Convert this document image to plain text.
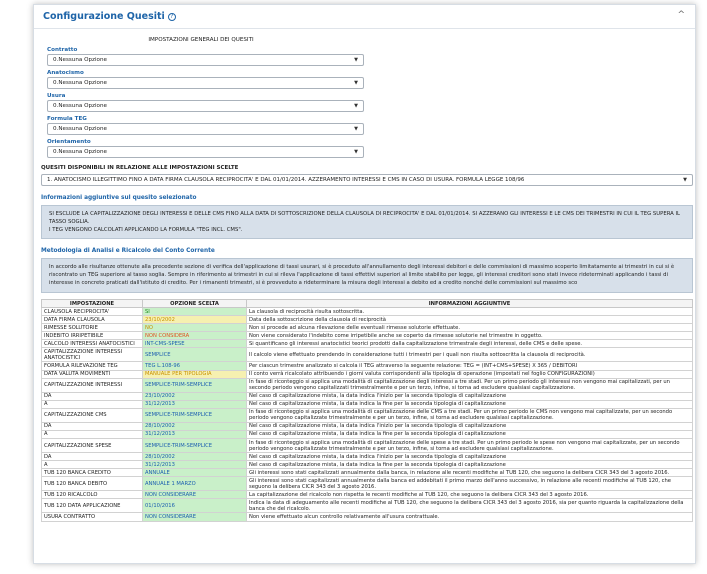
Configurazione Quesiti ?	^
IMPOSTAZIONI GENERALI DEI QUESITI
Contratto
0.Nessuna Opzione	▼
Anatocismo
0.Nessuna Opzione	▼
Usura
0.Nessuna Opzione	▼
Formula TEG
0.Nessuna Opzione	▼
Orientamento
0.Nessuna Opzione	▼
QUESITI DISPONIBILI IN RELAZIONE ALLE IMPOSTAZIONI SCELTE
1. ANATOCISMO ILLEGITTIMO FINO A DATA FIRMA CLAUSOLA RECIPROCITA' E DAL 01/01/2014. AZZERAMENTO INTERESSI E CMS IN CASO DI USURA. FORMULA LEGGE 108/96	▼
Informazioni aggiuntive sul quesito selezionato
SI ESCLUDE LA CAPITALIZZAZIONE DEGLI INTERESSI E DELLE CMS FINO ALLA DATA DI SOTTOSCRIZIONE DELLA CLAUSOLA DI RECIPROCITA' E DAL 01/01/2014. SI AZZERANO GLI INTERESSI E LE CMS DEI TRIMESTRI IN CUI IL TEG SUPERA IL TASSO SOGLIA.
I TEG VENGONO CALCOLATI APPLICANDO LA FORMULA "TEG INCL. CMS".
Metodologia di Analisi e Ricalcolo del Conto Corrente
In accordo alle risultanze ottenute alla precedente sezione di verifica dell'applicazione di tassi usurari, si è proceduto all'annullamento degli interessi debitori e delle commissioni di massimo scoperto limitatamente ai trimestri in cui si è riscontrato un TEG superiore al tasso soglia. Sempre in riferimento ai trimestri in cui si rileva l'applicazione di tassi effettivi superiori al limite stabilito per legge, gli interessi creditori sono stati invece rideterminati applicando i tassi di interesse in concreto praticati dall'istituto di credito. Per i rimanenti trimestri, si è provveduto a rideterminare la misura degli interessi a debito ed a credito nonché delle commissioni sul massimo sco
IMPOSTAZIONE	OPZIONE SCELTA	INFORMAZIONI AGGIUNTIVE
CLAUSOLA RECIPROCITA'	SI	La clausola di reciprocità risulta sottoscritta.
DATA FIRMA CLAUSOLA	23/10/2002	Data della sottoscrizione della clausola di reciprocità
RIMESSE SOLUTORIE	NO	Non si procede ad alcuna rilevazione delle eventuali rimesse solutorie effettuate.
INDEBITO IRRIPETIBILE	NON CONSIDERA	Non viene considerato l'indebito come irripetibile anche se coperto da rimesse solutorie nel trimestre in oggetto.
CALCOLO INTERESSI ANATOCISTICI	INT-CMS-SPESE	Si quantificano gli interessi anatocistici teorici prodotti dalla capitalizzazione trimestrale degli interessi, delle CMS e delle spese.
CAPITALIZZAZIONE INTERESSI ANATOCISTICI	SEMPLICE	Il calcolo viene effettuato prendendo in considerazione tutti i trimestri per i quali non risulta sottoscritta la clausola di reciprocità.
FORMULA RILEVAZIONE TEG	TEG L.108-96	Per ciascun trimestre analizzato si calcola il TEG attraverso la seguente relazione: TEG = (INT+CMS+SPESE) X 365 / DEBITORI
DATA VALUTA MOVIMENTI	MANUALE PER TIPOLOGIA	Il conto verrà ricalcolato attribuendo i giorni valuta corrispondenti alla tipologia di operazione (impostati nel foglio CONFIGURAZIONI)
CAPITALIZZAZIONE INTERESSI	SEMPLICE-TRIM-SEMPLICE	In fase di riconteggio si applica una modalità di capitalizzazione degli interessi a tre stadi. Per un primo periodo gli interessi non vengono mai capitalizzati, per un secondo periodo vengono capitalizzati trimestralmente e per un terzo, infine, si torna ad escludere qualsiasi capitalizzazione.
DA	23/10/2002	Nel caso di capitalizzazione mista, la data indica l'inizio per la seconda tipologia di capitalizzazione
A	31/12/2013	Nel caso di capitalizzazione mista, la data indica la fine per la seconda tipologia di capitalizzazione
CAPITALIZZAZIONE CMS	SEMPLICE-TRIM-SEMPLICE	In fase di riconteggio si applica una modalità di capitalizzazione delle CMS a tre stadi. Per un primo periodo le CMS non vengono mai capitalizzate, per un secondo periodo vengono capitalizzate trimestralmente e per un terzo, infine, si torna ad escludere qualsiasi capitalizzazione.
DA	28/10/2002	Nel caso di capitalizzazione mista, la data indica l'inizio per la seconda tipologia di capitalizzazione
A	31/12/2013	Nel caso di capitalizzazione mista, la data indica la fine per la seconda tipologia di capitalizzazione
CAPITALIZZAZIONE SPESE	SEMPLICE-TRIM-SEMPLICE	In fase di riconteggio si applica una modalità di capitalizzazione delle spese a tre stadi. Per un primo periodo le spese non vengono mai capitalizzate, per un secondo periodo vengono capitalizzate trimestralmente e per un terzo, infine, si torna ad escludere qualsiasi capitalizzazione.
DA	28/10/2002	Nel caso di capitalizzazione mista, la data indica l'inizio per la seconda tipologia di capitalizzazione
A	31/12/2013	Nel caso di capitalizzazione mista, la data indica la fine per la seconda tipologia di capitalizzazione
TUB 120 BANCA CREDITO	ANNUALE	Gli interessi sono stati capitalizzati annualmente dalla banca, in relazione alle recenti modifiche al TUB 120, che seguono la delibera CICR 343 del 3 agosto 2016.
TUB 120 BANCA DEBITO	ANNUALE 1 MARZO	Gli interessi sono stati capitalizzati annualmente dalla banca ed addebitati il primo marzo dell'anno successivo, in relazione alle recenti modifiche al TUB 120, che seguono la delibera CICR 343 del 3 agosto 2016.
TUB 120 RICALCOLO	NON CONSIDERARE	La capitalizzazione del ricalcolo non rispetta le recenti modifiche al TUB 120, che seguono la delibera CICR 343 del 3 agosto 2016.
TUB 120 DATA APPLICAZIONE	01/10/2016	Indica la data di adeguamento alle recenti modifiche al TUB 120, che seguono la delibera CICR 343 del 3 agosto 2016, sia per quanto riguarda la capitalizzazione della banca che del ricalcolo.
USURA CONTRATTO	NON CONSIDERARE	Non viene effettuato alcun controllo relativamente all'usura contrattuale.
